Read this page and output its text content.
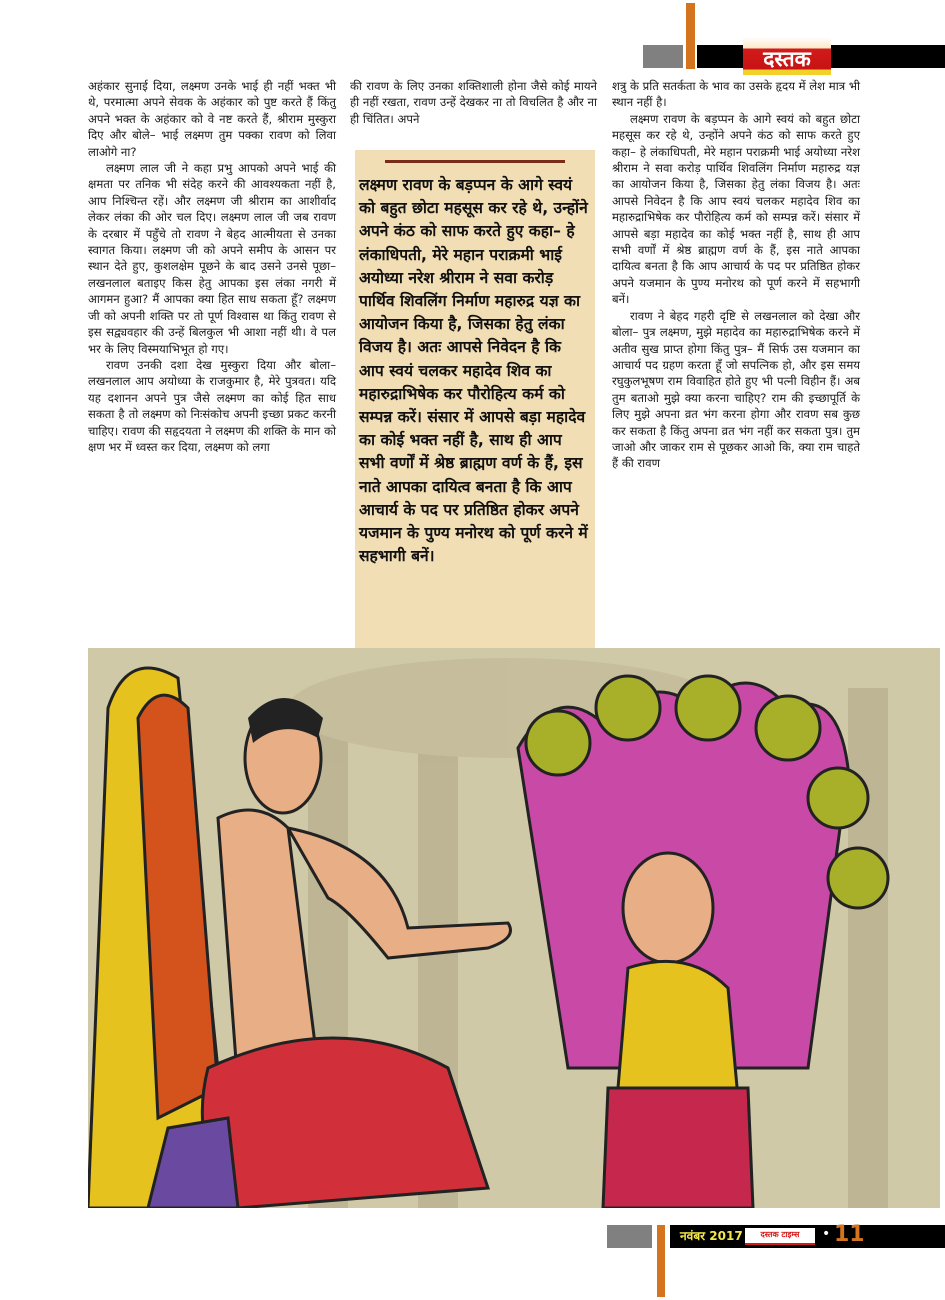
दस्तक

अहंकार सुनाई दिया, लक्ष्मण उनके भाई ही नहीं भक्त भी थे, परमात्मा अपने सेवक के अहंकार को पुष्ट करते हैं किंतु अपने भक्त के अहंकार को वे नष्ट करते हैं, श्रीराम मुस्कुरा दिए और बोले– भाई लक्ष्मण तुम पक्का रावण को लिवा लाओगे ना?

लक्ष्मण लाल जी ने कहा प्रभु आपको अपने भाई की क्षमता पर तनिक भी संदेह करने की आवश्यकता नहीं है, आप निश्चिन्त रहें। और लक्ष्मण जी श्रीराम का आशीर्वाद लेकर लंका की ओर चल दिए। लक्ष्मण लाल जी जब रावण के दरबार में पहुँचे तो रावण ने बेहद आत्मीयता से उनका स्वागत किया। लक्ष्मण जी को अपने समीप के आसन पर स्थान देते हुए, कुशलक्षेम पूछने के बाद उसने उनसे पूछा– लखनलाल बताइए किस हेतु आपका इस लंका नगरी में आगमन हुआ? मैं आपका क्या हित साध सकता हूँ? लक्ष्मण जी को अपनी शक्ति पर तो पूर्ण विश्वास था किंतु रावण से इस सद्व्यवहार की उन्हें बिलकुल भी आशा नहीं थी। वे पल भर के लिए विस्मयाभिभूत हो गए।

रावण उनकी दशा देख मुस्कुरा दिया और बोला– लखनलाल आप अयोध्या के राजकुमार है, मेरे पुत्रवत। यदि यह दशानन अपने पुत्र जैसे लक्ष्मण का कोई हित साध सकता है तो लक्ष्मण को निःसंकोच अपनी इच्छा प्रकट करनी चाहिए। रावण की सहृदयता ने लक्ष्मण की शक्ति के मान को क्षण भर में ध्वस्त कर दिया, लक्ष्मण को लगा

की रावण के लिए उनका शक्तिशाली होना जैसे कोई मायने ही नहीं रखता, रावण उन्हें देखकर ना तो विचलित है और ना ही चिंतित। अपने

लक्ष्मण रावण के बड़प्पन के आगे स्वयं को बहुत छोटा महसूस कर रहे थे, उन्होंने अपने कंठ को साफ करते हुए कहा– हे लंकाधिपती, मेरे महान पराक्रमी भाई अयोध्या नरेश श्रीराम ने सवा करोड़ पार्थिव शिवलिंग निर्माण महारुद्र यज्ञ का आयोजन किया है, जिसका हेतु लंका विजय है। अतः आपसे निवेदन है कि आप स्वयं चलकर महादेव शिव का महारुद्राभिषेक कर पौरोहित्य कर्म को सम्पन्न करें। संसार में आपसे बड़ा महादेव का कोई भक्त नहीं है, साथ ही आप सभी वर्णों में श्रेष्ठ ब्राह्मण वर्ण के हैं, इस नाते आपका दायित्व बनता है कि आप आचार्य के पद पर प्रतिष्ठित होकर अपने यजमान के पुण्य मनोरथ को पूर्ण करने में सहभागी बनें।

शत्रु के प्रति सतर्कता के भाव का उसके हृदय में लेश मात्र भी स्थान नहीं है।

लक्ष्मण रावण के बड़प्पन के आगे स्वयं को बहुत छोटा महसूस कर रहे थे, उन्होंने अपने कंठ को साफ करते हुए कहा– हे लंकाधिपती, मेरे महान पराक्रमी भाई अयोध्या नरेश श्रीराम ने सवा करोड़ पार्थिव शिवलिंग निर्माण महारुद्र यज्ञ का आयोजन किया है, जिसका हेतु लंका विजय है। अतः आपसे निवेदन है कि आप स्वयं चलकर महादेव शिव का महारुद्राभिषेक कर पौरोहित्य कर्म को सम्पन्न करें। संसार में आपसे बड़ा महादेव का कोई भक्त नहीं है, साथ ही आप सभी वर्णों में श्रेष्ठ ब्राह्मण वर्ण के हैं, इस नाते आपका दायित्व बनता है कि आप आचार्य के पद पर प्रतिष्ठित होकर अपने यजमान के पुण्य मनोरथ को पूर्ण करने में सहभागी बनें।

रावण ने बेहद गहरी दृष्टि से लखनलाल को देखा और बोला– पुत्र लक्ष्मण, मुझे महादेव का महारुद्राभिषेक करने में अतीव सुख प्राप्त होगा किंतु पुत्र– मैं सिर्फ उस यजमान का आचार्य पद ग्रहण करता हूँ जो सपत्निक हो, और इस समय रघुकुलभूषण राम विवाहित होते हुए भी पत्नी विहीन हैं। अब तुम बताओ मुझे क्या करना चाहिए? राम की इच्छापूर्ति के लिए मुझे अपना व्रत भंग करना होगा और रावण सब कुछ कर सकता है किंतु अपना व्रत भंग नहीं कर सकता पुत्र। तुम जाओ और जाकर राम से पूछकर आओ कि, क्या राम चाहते हैं की रावण

नवंबर 2017	दस्तक टाइम्स	• 11
